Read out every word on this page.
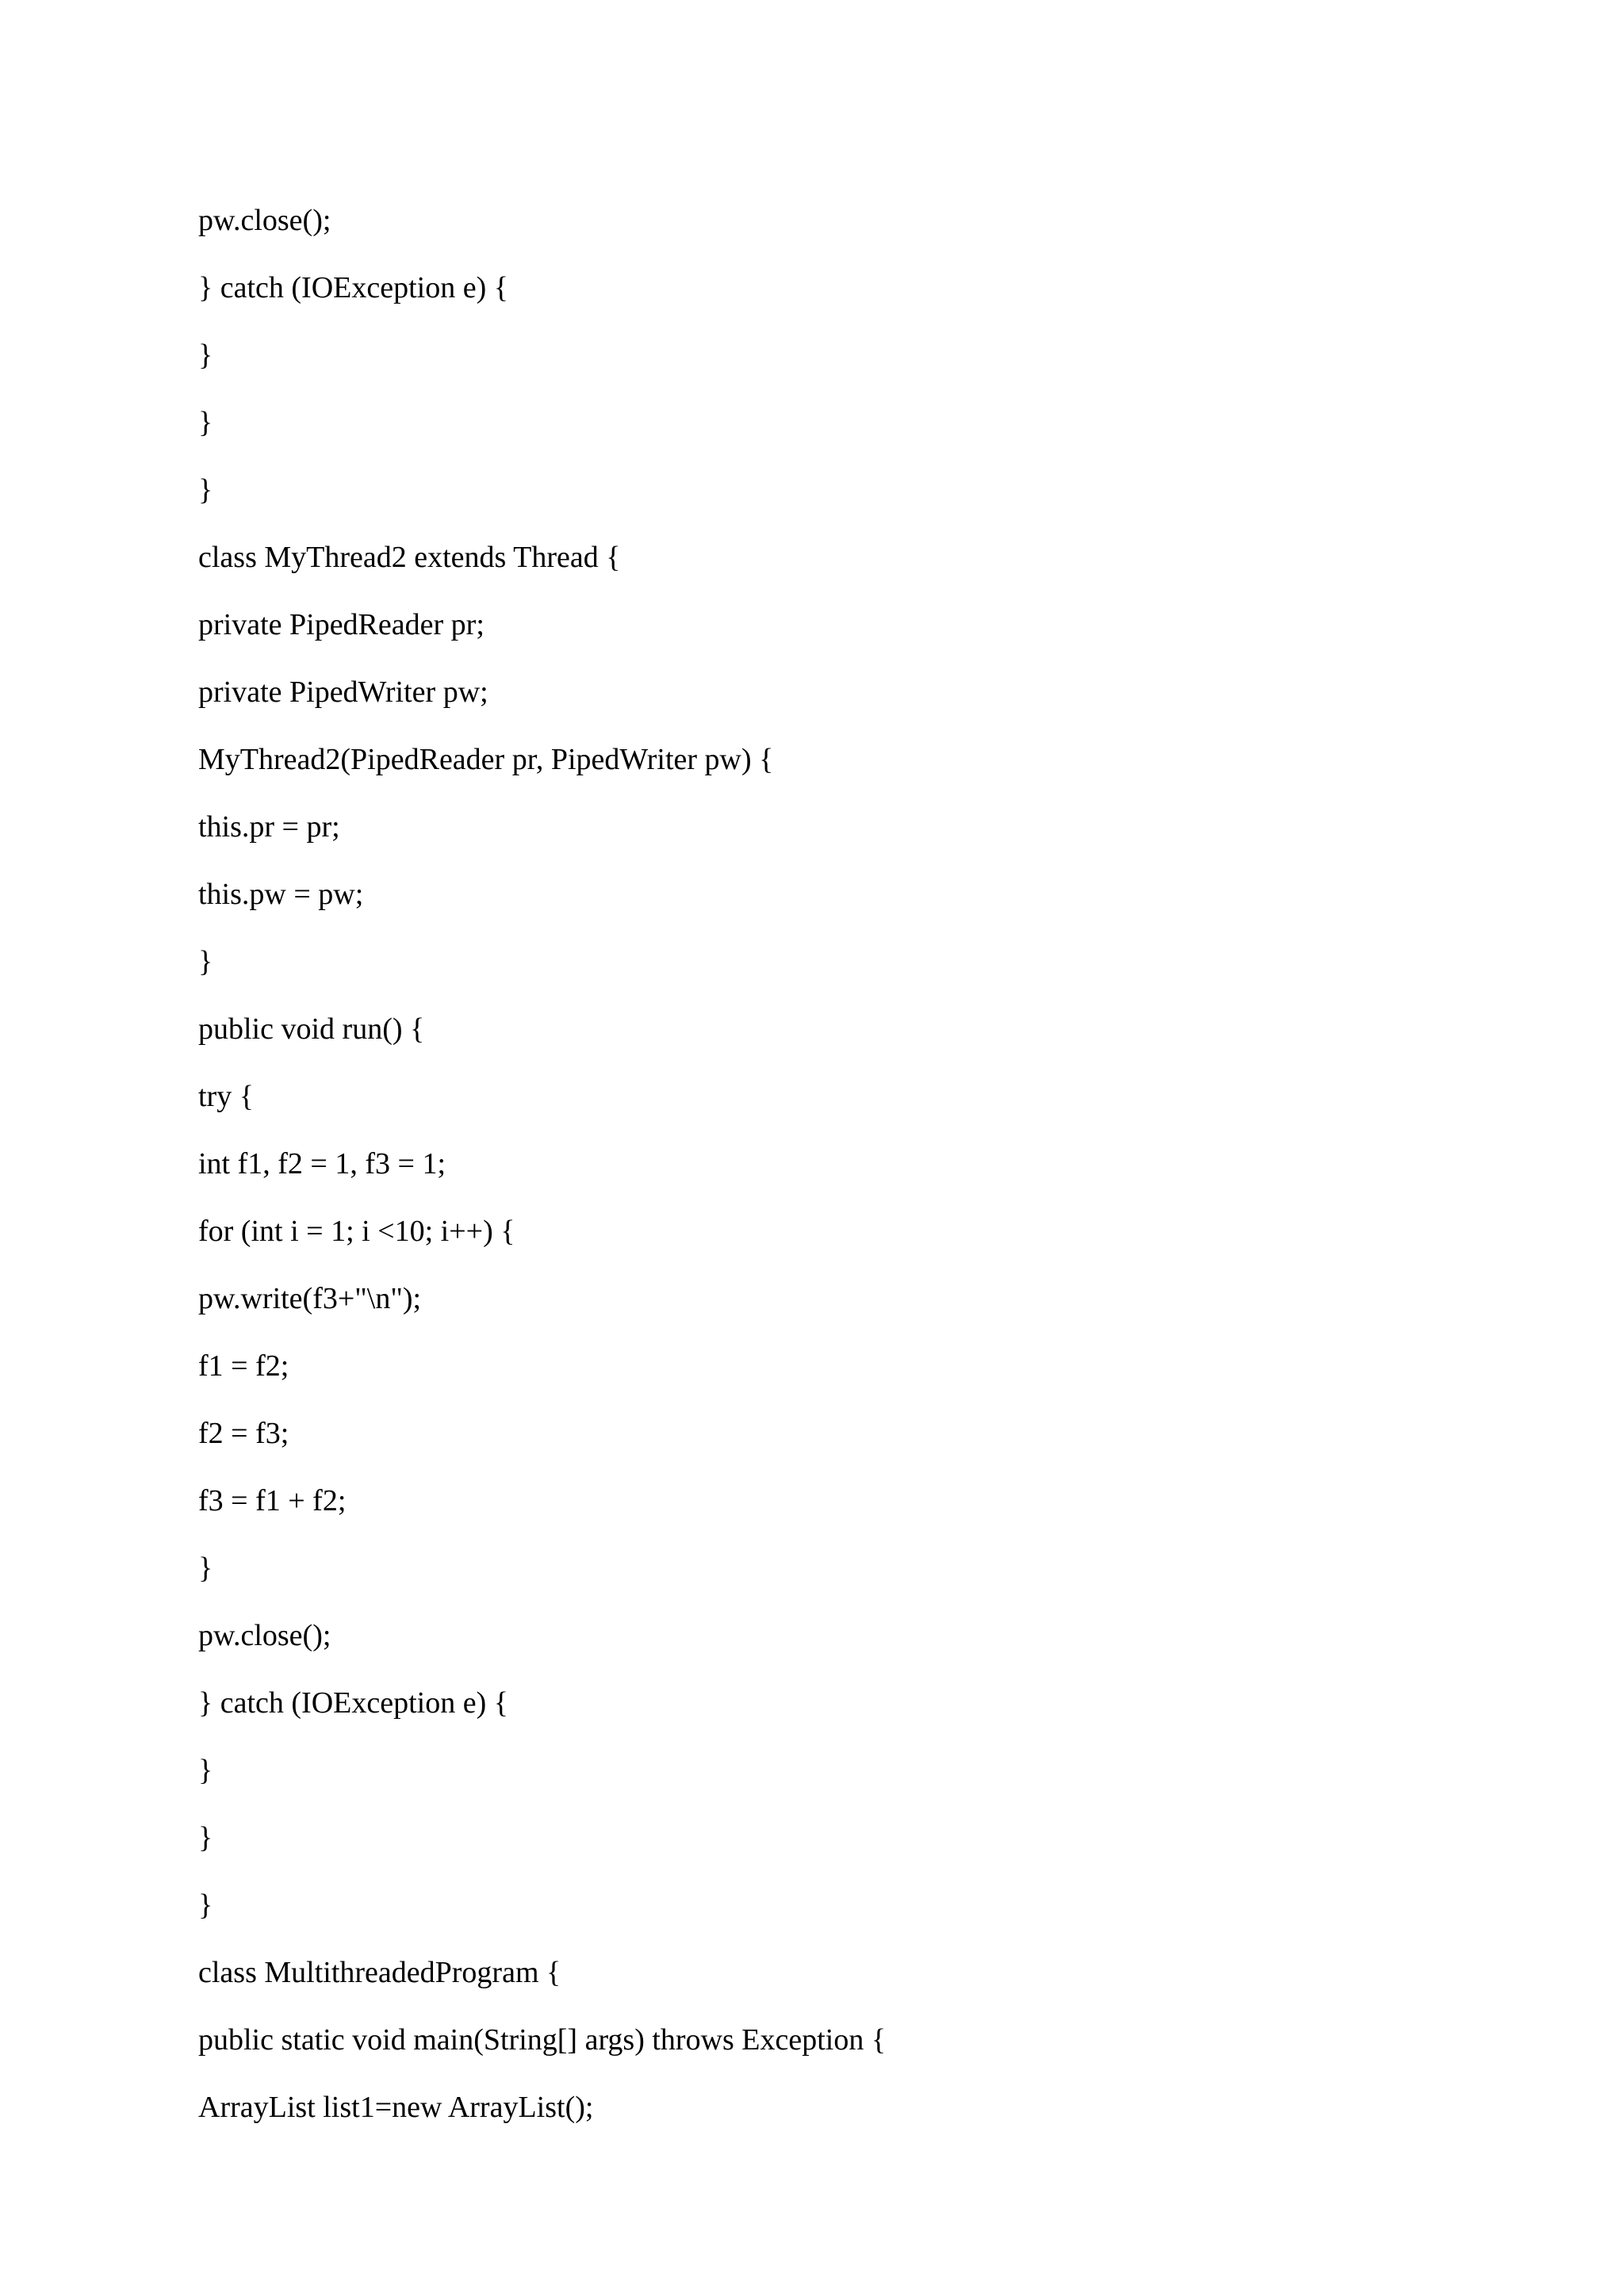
pw.close();
} catch (IOException e) {
}
}
}
class MyThread2 extends Thread {
private PipedReader pr;
private PipedWriter pw;
MyThread2(PipedReader pr, PipedWriter pw) {
this.pr = pr;
this.pw = pw;
}
public void run() {
try {
int f1, f2 = 1, f3 = 1;
for (int i = 1; i <10; i++) {
pw.write(f3+"\n");
f1 = f2;
f2 = f3;
f3 = f1 + f2;
}
pw.close();
} catch (IOException e) {
}
}
}
class MultithreadedProgram {
public static void main(String[] args) throws Exception {
ArrayList list1=new ArrayList();
